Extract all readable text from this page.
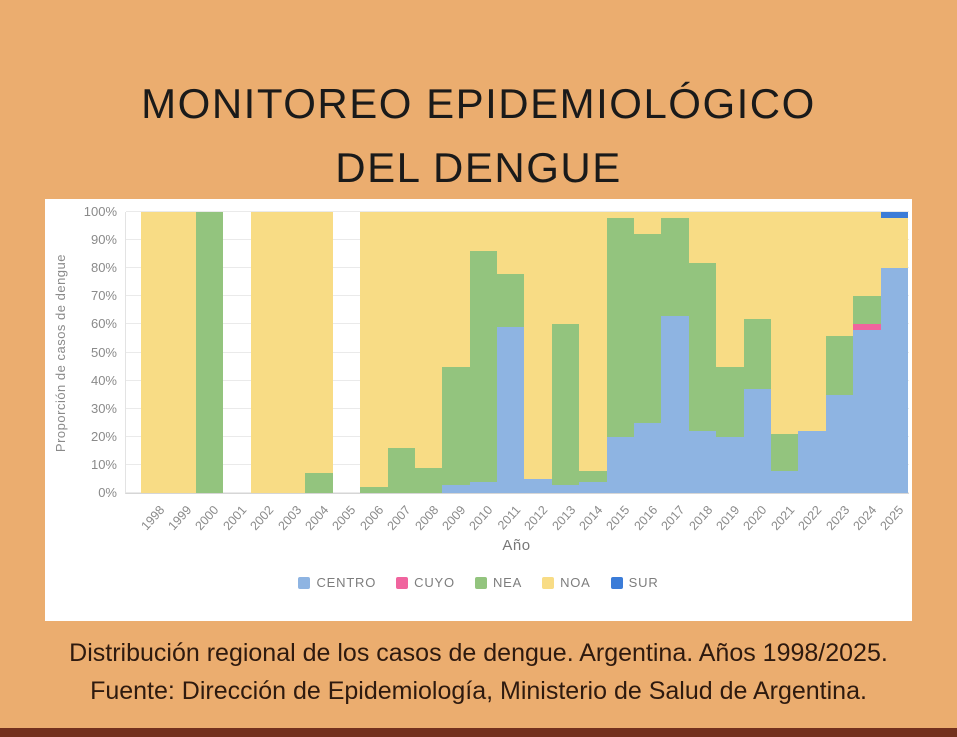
MONITOREO EPIDEMIOLÓGICO
DEL DENGUE
Proporción de casos de dengue
0%
10%
20%
30%
40%
50%
60%
70%
80%
90%
100%
1998
1999
2000
2001
2002
2003
2004
2005
2006
2007
2008
2009
2010
2011
2012
2013
2014
2015
2016
2017
2018
2019
2020
2021
2022
2023
2024
2025
Año
CENTRO	CUYO	NEA	NOA	SUR
Distribución regional de los casos de dengue. Argentina. Años 1998/2025.
Fuente: Dirección de Epidemiología, Ministerio de Salud de Argentina.
